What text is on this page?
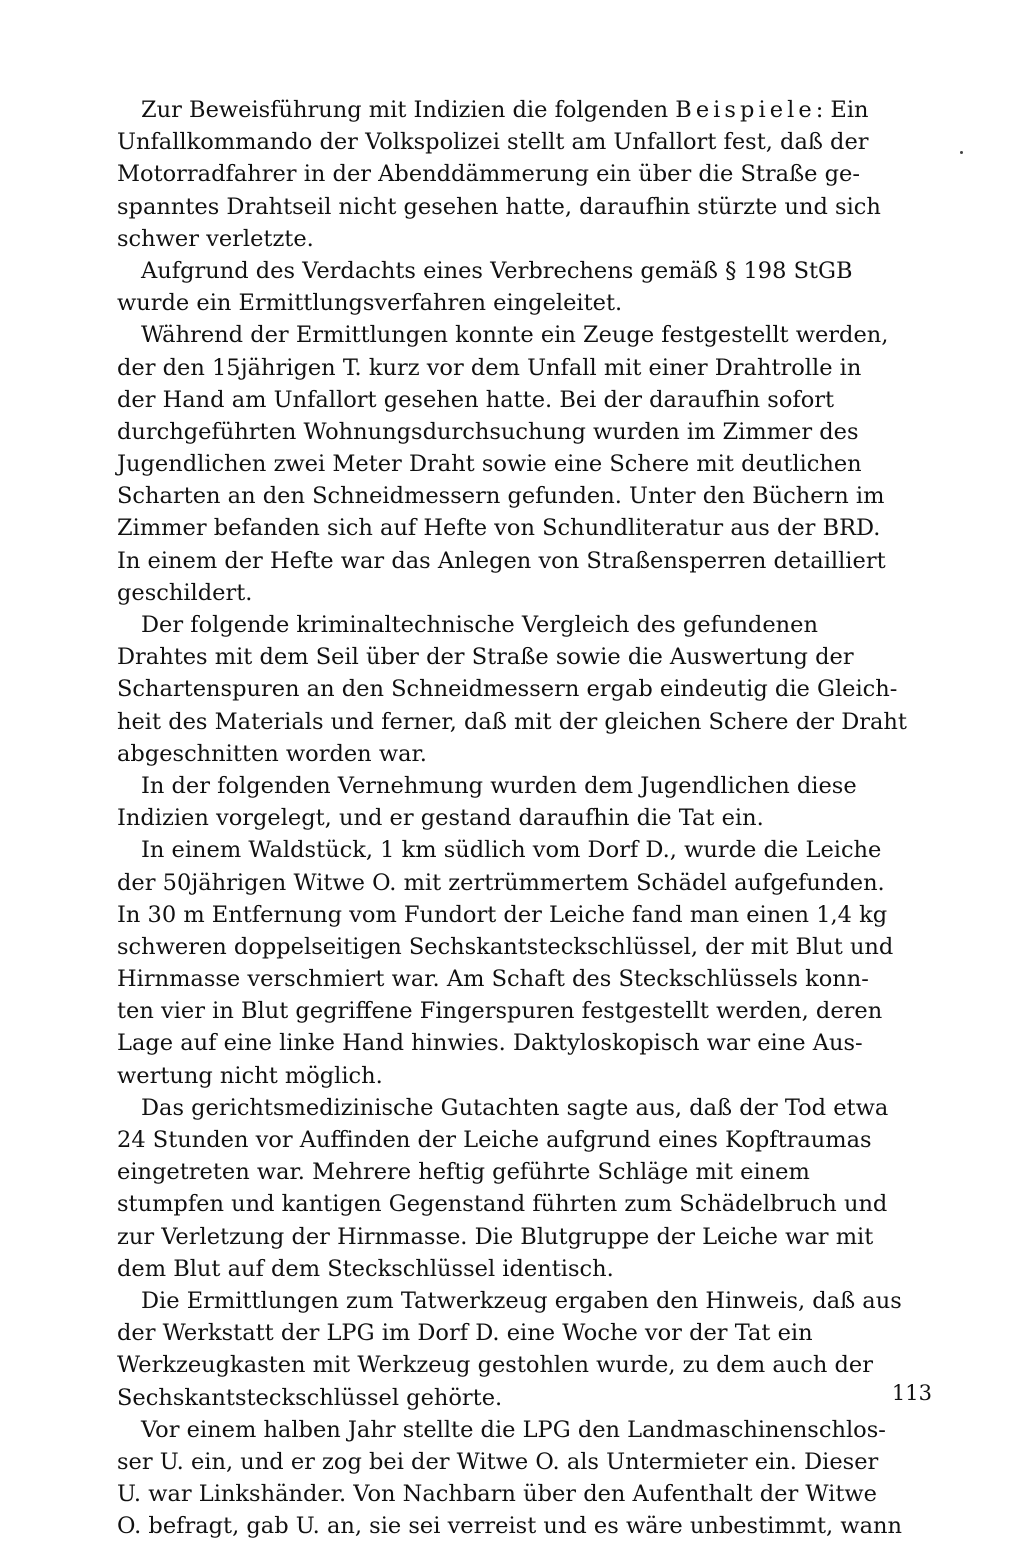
Zur Beweisführung mit Indizien die folgenden Beispiele: Ein
Unfallkommando der Volkspolizei stellt am Unfallort fest, daß der
Motorradfahrer in der Abenddämmerung ein über die Straße ge-
spanntes Drahtseil nicht gesehen hatte, daraufhin stürzte und sich
schwer verletzte.
Aufgrund des Verdachts eines Verbrechens gemäß § 198 StGB
wurde ein Ermittlungsverfahren eingeleitet.
Während der Ermittlungen konnte ein Zeuge festgestellt werden,
der den 15jährigen T. kurz vor dem Unfall mit einer Drahtrolle in
der Hand am Unfallort gesehen hatte. Bei der daraufhin sofort
durchgeführten Wohnungsdurchsuchung wurden im Zimmer des
Jugendlichen zwei Meter Draht sowie eine Schere mit deutlichen
Scharten an den Schneidmessern gefunden. Unter den Büchern im
Zimmer befanden sich auf Hefte von Schundliteratur aus der BRD.
In einem der Hefte war das Anlegen von Straßensperren detailliert
geschildert.
Der folgende kriminaltechnische Vergleich des gefundenen
Drahtes mit dem Seil über der Straße sowie die Auswertung der
Schartenspuren an den Schneidmessern ergab eindeutig die Gleich-
heit des Materials und ferner, daß mit der gleichen Schere der Draht
abgeschnitten worden war.
In der folgenden Vernehmung wurden dem Jugendlichen diese
Indizien vorgelegt, und er gestand daraufhin die Tat ein.
In einem Waldstück, 1 km südlich vom Dorf D., wurde die Leiche
der 50jährigen Witwe O. mit zertrümmertem Schädel aufgefunden.
In 30 m Entfernung vom Fundort der Leiche fand man einen 1,4 kg
schweren doppelseitigen Sechskantsteckschlüssel, der mit Blut und
Hirnmasse verschmiert war. Am Schaft des Steckschlüssels konn-
ten vier in Blut gegriffene Fingerspuren festgestellt werden, deren
Lage auf eine linke Hand hinwies. Daktyloskopisch war eine Aus-
wertung nicht möglich.
Das gerichtsmedizinische Gutachten sagte aus, daß der Tod etwa
24 Stunden vor Auffinden der Leiche aufgrund eines Kopftraumas
eingetreten war. Mehrere heftig geführte Schläge mit einem
stumpfen und kantigen Gegenstand führten zum Schädelbruch und
zur Verletzung der Hirnmasse. Die Blutgruppe der Leiche war mit
dem Blut auf dem Steckschlüssel identisch.
Die Ermittlungen zum Tatwerkzeug ergaben den Hinweis, daß aus
der Werkstatt der LPG im Dorf D. eine Woche vor der Tat ein
Werkzeugkasten mit Werkzeug gestohlen wurde, zu dem auch der
Sechskantsteckschlüssel gehörte.
Vor einem halben Jahr stellte die LPG den Landmaschinenschlos-
ser U. ein, und er zog bei der Witwe O. als Untermieter ein. Dieser
U. war Linkshänder. Von Nachbarn über den Aufenthalt der Witwe
O. befragt, gab U. an, sie sei verreist und es wäre unbestimmt, wann
113
